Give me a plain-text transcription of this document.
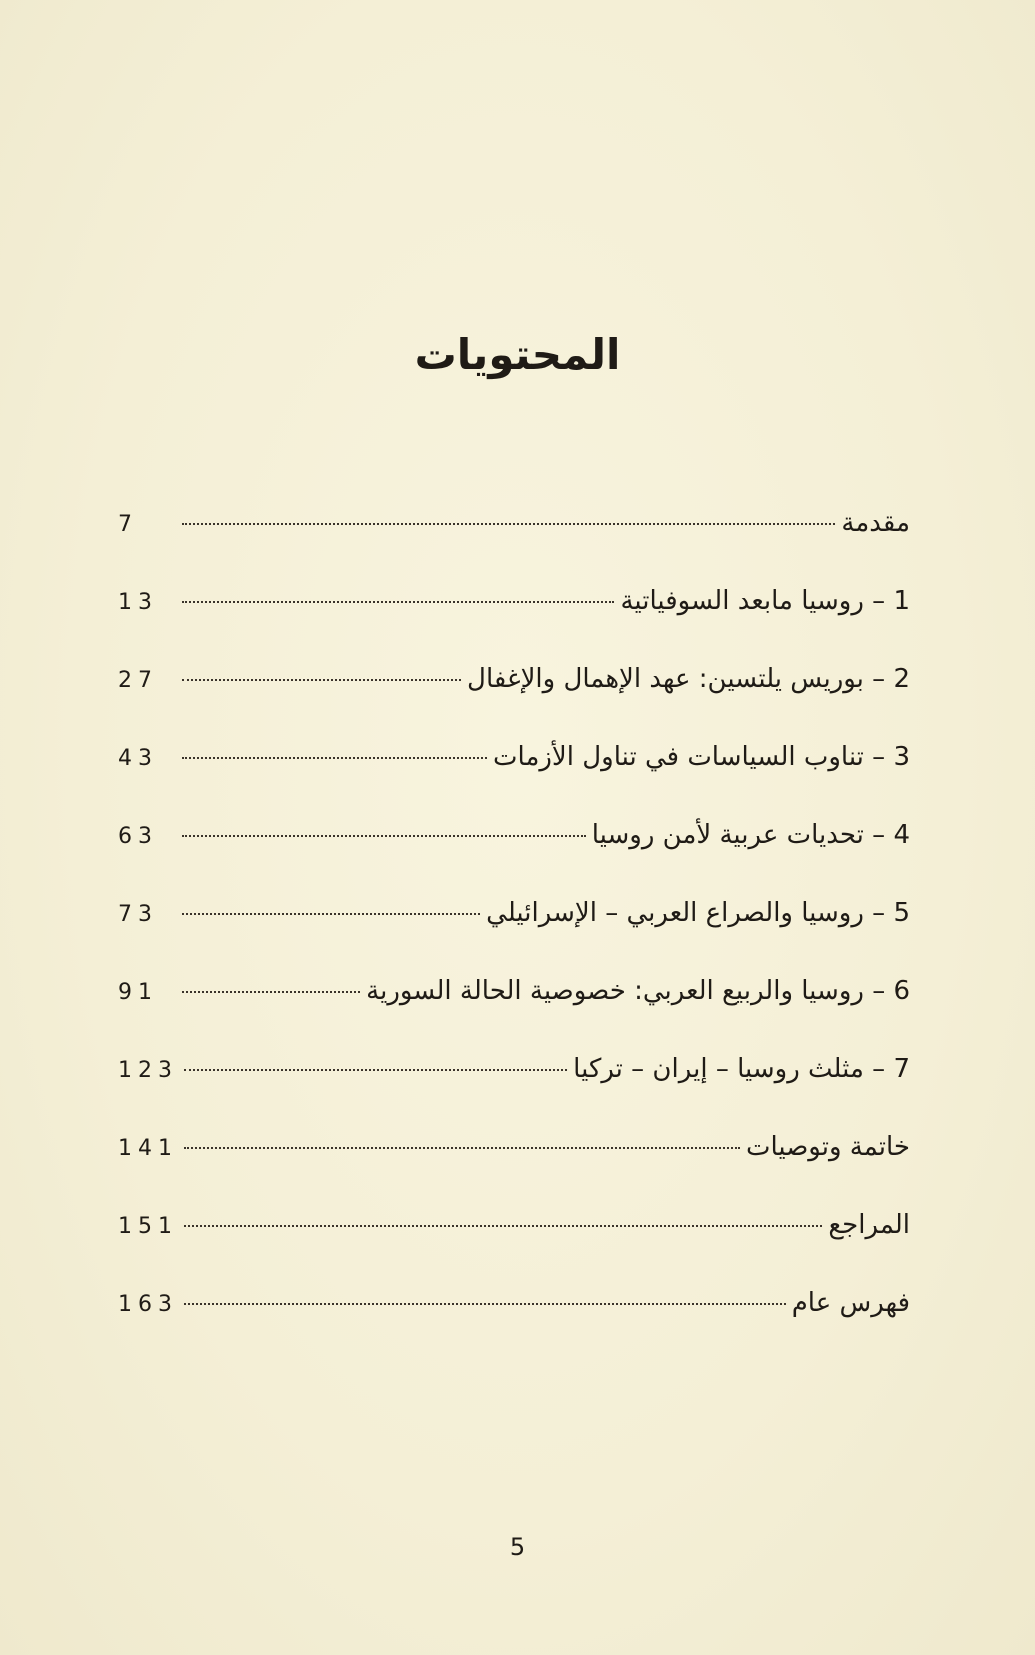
المحتويات
مقدمة
7
1 – روسيا مابعد السوفياتية
13
2 – بوريس يلتسين: عهد الإهمال والإغفال
27
3 – تناوب السياسات في تناول الأزمات
43
4 – تحديات عربية لأمن روسيا
63
5 – روسيا والصراع العربي – الإسرائيلي
73
6 – روسيا والربيع العربي: خصوصية الحالة السورية
91
7 – مثلث روسيا – إيران – تركيا
123
خاتمة وتوصيات
141
المراجع
151
فهرس عام
163
5
